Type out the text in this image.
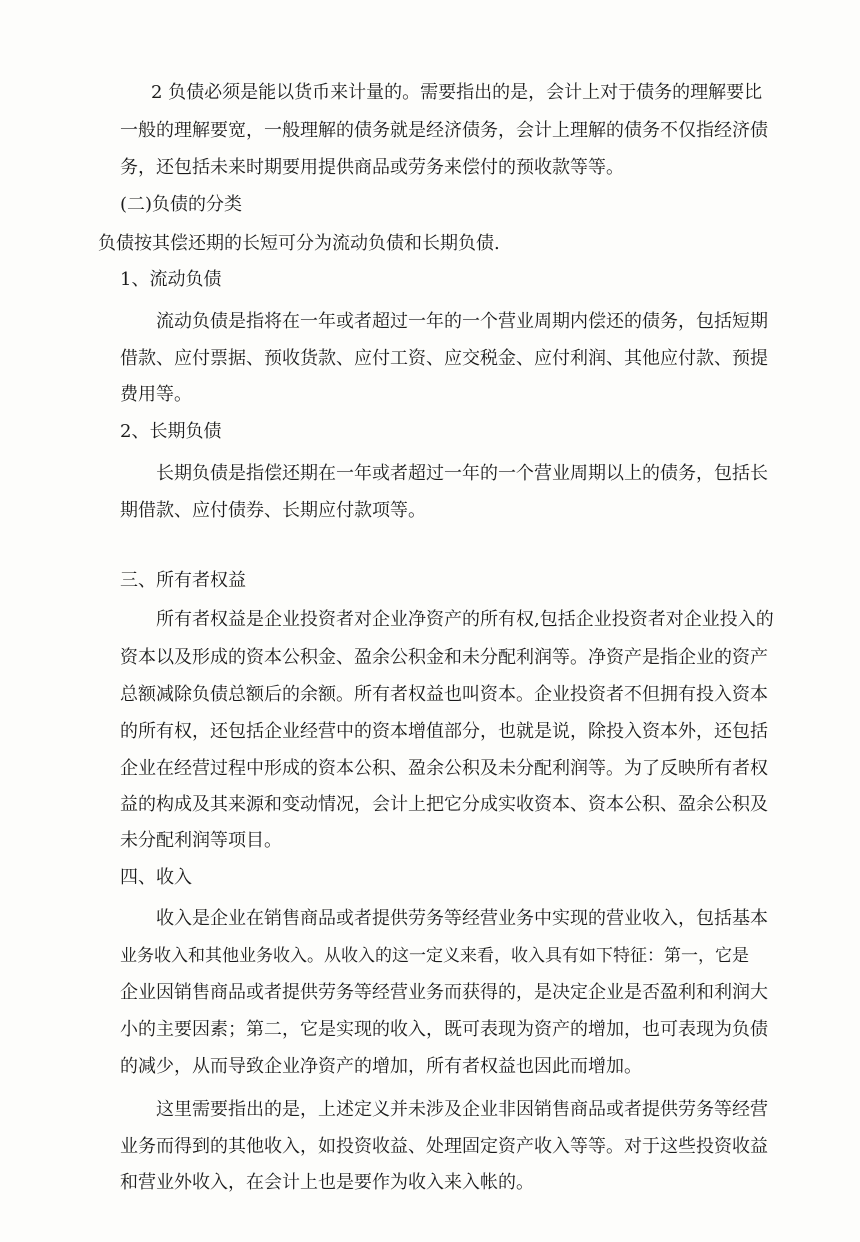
2 负债必须是能以货币来计量的。需要指出的是，会计上对于债务的理解要比

一般的理解要宽，一般理解的债务就是经济债务，会计上理解的债务不仅指经济债

务，还包括未来时期要用提供商品或劳务来偿付的预收款等等。

(二)负债的分类

负债按其偿还期的长短可分为流动负债和长期负债.

1、流动负债

流动负债是指将在一年或者超过一年的一个营业周期内偿还的债务，包括短期

借款、应付票据、预收货款、应付工资、应交税金、应付利润、其他应付款、预提

费用等。

2、长期负债

长期负债是指偿还期在一年或者超过一年的一个营业周期以上的债务，包括长

期借款、应付债券、长期应付款项等。

三、所有者权益

所有者权益是企业投资者对企业净资产的所有权,包括企业投资者对企业投入的

资本以及形成的资本公积金、盈余公积金和未分配利润等。净资产是指企业的资产

总额减除负债总额后的余额。所有者权益也叫资本。企业投资者不但拥有投入资本

的所有权，还包括企业经营中的资本增值部分，也就是说，除投入资本外，还包括

企业在经营过程中形成的资本公积、盈余公积及未分配利润等。为了反映所有者权

益的构成及其来源和变动情况，会计上把它分成实收资本、资本公积、盈余公积及

未分配利润等项目。

四、收入

收入是企业在销售商品或者提供劳务等经营业务中实现的营业收入，包括基本

业务收入和其他业务收入。从收入的这一定义来看，收入具有如下特征：第一，它是

企业因销售商品或者提供劳务等经营业务而获得的，是决定企业是否盈利和利润大

小的主要因素；第二，它是实现的收入，既可表现为资产的增加，也可表现为负债

的减少，从而导致企业净资产的增加，所有者权益也因此而增加。

这里需要指出的是，上述定义并未涉及企业非因销售商品或者提供劳务等经营

业务而得到的其他收入，如投资收益、处理固定资产收入等等。对于这些投资收益

和营业外收入，在会计上也是要作为收入来入帐的。
